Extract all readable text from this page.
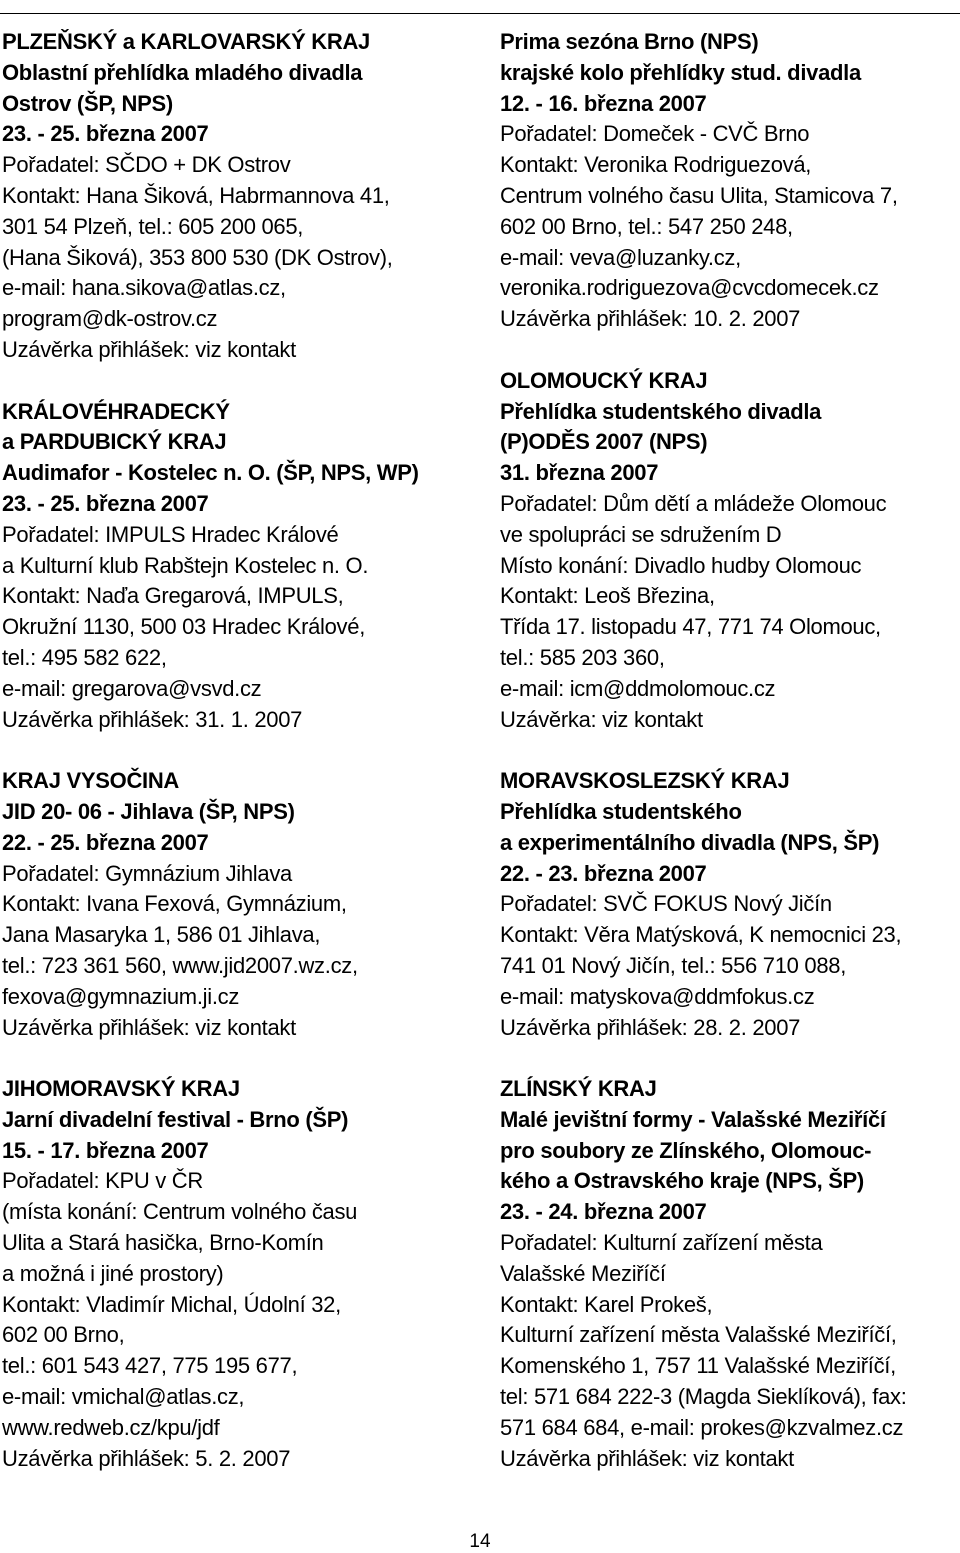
PLZEŇSKÝ a KARLOVARSKÝ KRAJ
Oblastní přehlídka mladého divadla
Ostrov (ŠP, NPS)
23. - 25. března 2007
Pořadatel: SČDO + DK Ostrov
Kontakt: Hana Šiková, Habrmannova 41,
301 54 Plzeň, tel.: 605 200 065,
(Hana Šiková), 353 800 530 (DK Ostrov),
e-mail: hana.sikova@atlas.cz,
program@dk-ostrov.cz
Uzávěrka přihlášek: viz kontakt
KRÁLOVÉHRADECKÝ
a PARDUBICKÝ KRAJ
Audimafor - Kostelec n. O. (ŠP, NPS, WP)
23. - 25. března 2007
Pořadatel: IMPULS Hradec Králové
a Kulturní klub Rabštejn Kostelec n. O.
Kontakt: Naďa Gregarová, IMPULS,
Okružní 1130, 500 03 Hradec Králové,
tel.: 495 582 622,
e-mail: gregarova@vsvd.cz
Uzávěrka přihlášek: 31. 1. 2007
KRAJ VYSOČINA
JID 20- 06 - Jihlava (ŠP, NPS)
22. - 25. března 2007
Pořadatel: Gymnázium Jihlava
Kontakt: Ivana Fexová, Gymnázium,
Jana Masaryka 1, 586 01 Jihlava,
tel.: 723 361 560, www.jid2007.wz.cz,
fexova@gymnazium.ji.cz
Uzávěrka přihlášek: viz kontakt
JIHOMORAVSKÝ KRAJ
Jarní divadelní festival - Brno (ŠP)
15. - 17. března 2007
Pořadatel: KPU v ČR
(místa konání: Centrum volného času
Ulita a Stará hasička, Brno-Komín
a možná i jiné prostory)
Kontakt: Vladimír Michal, Údolní 32,
602 00 Brno,
tel.: 601 543 427, 775 195 677,
e-mail: vmichal@atlas.cz,
www.redweb.cz/kpu/jdf
Uzávěrka přihlášek: 5. 2. 2007
Prima sezóna Brno (NPS)
krajské kolo přehlídky stud. divadla
12. - 16. března 2007
Pořadatel: Domeček - CVČ Brno
Kontakt: Veronika Rodriguezová,
Centrum volného času Ulita, Stamicova 7,
602 00 Brno, tel.: 547 250 248,
e-mail: veva@luzanky.cz,
veronika.rodriguezova@cvcdomecek.cz
Uzávěrka přihlášek: 10. 2. 2007
OLOMOUCKÝ KRAJ
Přehlídka studentského divadla
(P)ODĚS 2007 (NPS)
31. března 2007
Pořadatel: Dům dětí a mládeže Olomouc
ve spolupráci se sdružením D
Místo konání: Divadlo hudby Olomouc
Kontakt: Leoš Březina,
Třída 17. listopadu 47, 771 74 Olomouc,
tel.: 585 203 360,
e-mail: icm@ddmolomouc.cz
Uzávěrka: viz kontakt
MORAVSKOSLEZSKÝ KRAJ
Přehlídka studentského
a experimentálního divadla (NPS, ŠP)
22. - 23. března 2007
Pořadatel: SVČ FOKUS Nový Jičín
Kontakt: Věra Matýsková, K nemocnici 23,
741 01 Nový Jičín, tel.: 556 710 088,
e-mail: matyskova@ddmfokus.cz
Uzávěrka přihlášek: 28. 2. 2007
ZLÍNSKÝ KRAJ
Malé jevištní formy - Valašské Meziříčí
pro soubory ze Zlínského, Olomouc-
kého a Ostravského kraje (NPS, ŠP)
23. - 24. března 2007
Pořadatel: Kulturní zařízení města
Valašské Meziříčí
Kontakt: Karel Prokeš,
Kulturní zařízení města Valašské Meziříčí,
Komenského 1, 757 11 Valašské Meziříčí,
tel: 571 684 222-3 (Magda Sieklíková), fax:
571 684 684, e-mail: prokes@kzvalmez.cz
Uzávěrka přihlášek: viz kontakt
14
